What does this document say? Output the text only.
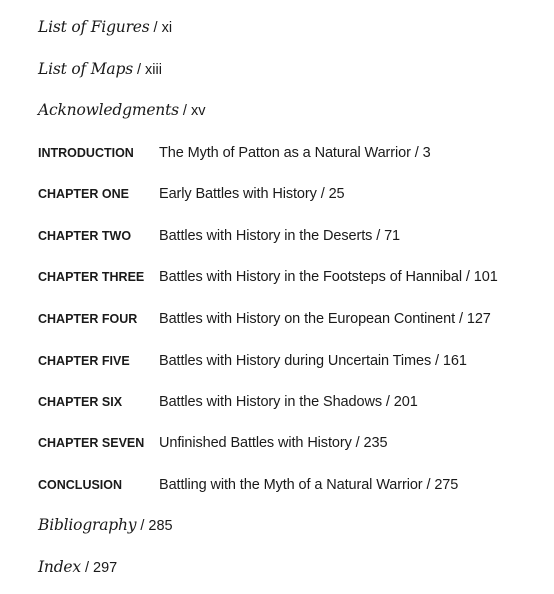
List of Figures / xi
List of Maps / xiii
Acknowledgments / xv
INTRODUCTION The Myth of Patton as a Natural Warrior / 3
CHAPTER ONE Early Battles with History / 25
CHAPTER TWO Battles with History in the Deserts / 71
CHAPTER THREE Battles with History in the Footsteps of Hannibal / 101
CHAPTER FOUR Battles with History on the European Continent / 127
CHAPTER FIVE Battles with History during Uncertain Times / 161
CHAPTER SIX	Battles with History in the Shadows / 201
CHAPTER SEVEN Unfinished Battles with History / 235
CONCLUSION	Battling with the Myth of a Natural Warrior / 275
Bibliography / 285
Index / 297
